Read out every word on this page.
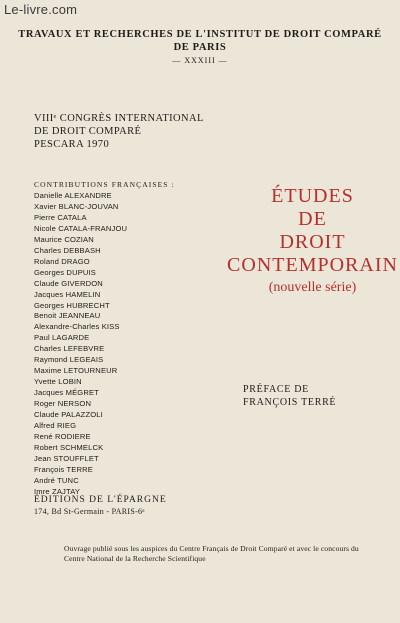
Le-livre.com
TRAVAUX ET RECHERCHES DE L'INSTITUT DE DROIT COMPARÉ
DE PARIS
— XXXIII —
VIIIᵉ CONGRÈS INTERNATIONAL
DE DROIT COMPARÉ
PESCARA 1970
CONTRIBUTIONS FRANÇAISES :
Danielle ALEXANDRE
Xavier BLANC-JOUVAN
Pierre CATALA
Nicole CATALA-FRANJOU
Maurice COZIAN
Charles DEBBASH
Roland DRAGO
Georges DUPUIS
Claude GIVERDON
Jacques HAMELIN
Georges HUBRECHT
Benoit JEANNEAU
Alexandre-Charles KISS
Paul LAGARDE
Charles LEFEBVRE
Raymond LEGEAIS
Maxime LETOURNEUR
Yvette LOBIN
Jacques MÉGRET
Roger NERSON
Claude PALAZZOLI
Alfred RIEG
René RODIERE
Robert SCHMELCK
Jean STOUFFLET
François TERRE
André TUNC
Imre ZAJTAY
ÉTUDES
DE
DROIT
CONTEMPORAIN
(nouvelle série)
PRÉFACE DE
FRANÇOIS TERRÉ
ÉDITIONS DE L'ÉPARGNE
174, Bd St-Germain - PARIS-6ᵉ
Ouvrage publié sous les auspices du Centre Français de Droit Comparé et avec le concours du Centre National de la Recherche Scientifique
